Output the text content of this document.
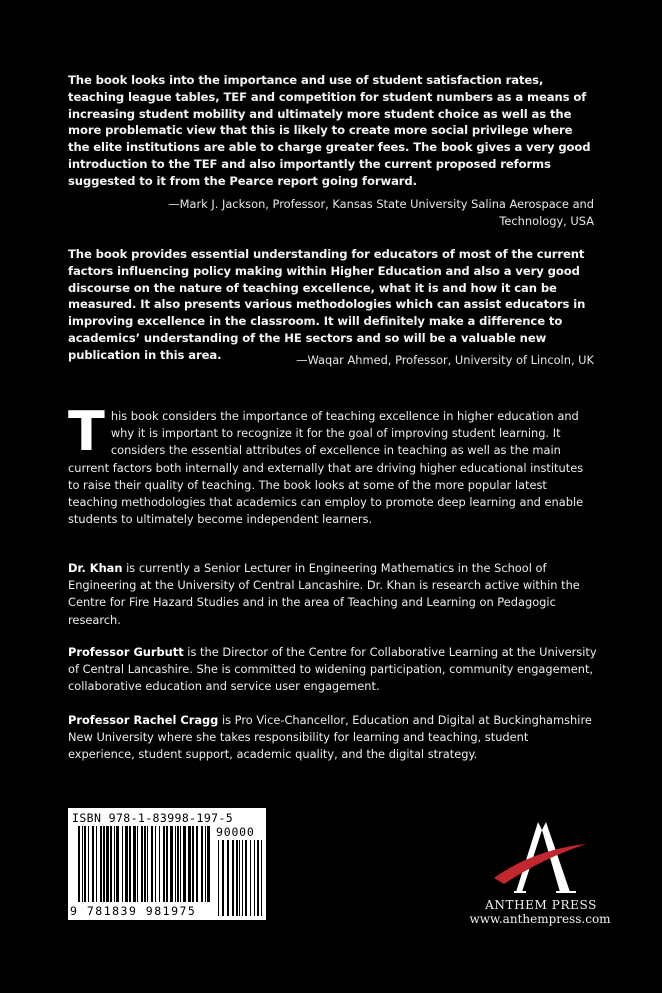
The book looks into the importance and use of student satisfaction rates, teaching league tables, TEF and competition for student numbers as a means of increasing student mobility and ultimately more student choice as well as the more problematic view that this is likely to create more social privilege where the elite institutions are able to charge greater fees. The book gives a very good introduction to the TEF and also importantly the current proposed reforms suggested to it from the Pearce report going forward.

—Mark J. Jackson, Professor, Kansas State University Salina Aerospace and Technology, USA

The book provides essential understanding for educators of most of the current factors influencing policy making within Higher Education and also a very good discourse on the nature of teaching excellence, what it is and how it can be measured. It also presents various methodologies which can assist educators in improving excellence in the classroom. It will definitely make a difference to academics’ understanding of the HE sectors and so will be a valuable new publication in this area.	—Waqar Ahmed, Professor, University of Lincoln, UK

This book considers the importance of teaching excellence in higher education and why it is important to recognize it for the goal of improving student learning. It considers the essential attributes of excellence in teaching as well as the main current factors both internally and externally that are driving higher educational institutes to raise their quality of teaching. The book looks at some of the more popular latest teaching methodologies that academics can employ to promote deep learning and enable students to ultimately become independent learners.

Dr. Khan is currently a Senior Lecturer in Engineering Mathematics in the School of Engineering at the University of Central Lancashire. Dr. Khan is research active within the Centre for Fire Hazard Studies and in the area of Teaching and Learning on Pedagogic research.

Professor Gurbutt is the Director of the Centre for Collaborative Learning at the University of Central Lancashire. She is committed to widening participation, community engagement, collaborative education and service user engagement.

Professor Rachel Cragg is Pro Vice-Chancellor, Education and Digital at Buckinghamshire New University where she takes responsibility for learning and teaching, student experience, student support, academic quality, and the digital strategy.

ISBN 978-1-83998-197-5
90000
9 781839 981975	ANTHEM PRESS

www.anthempress.com
